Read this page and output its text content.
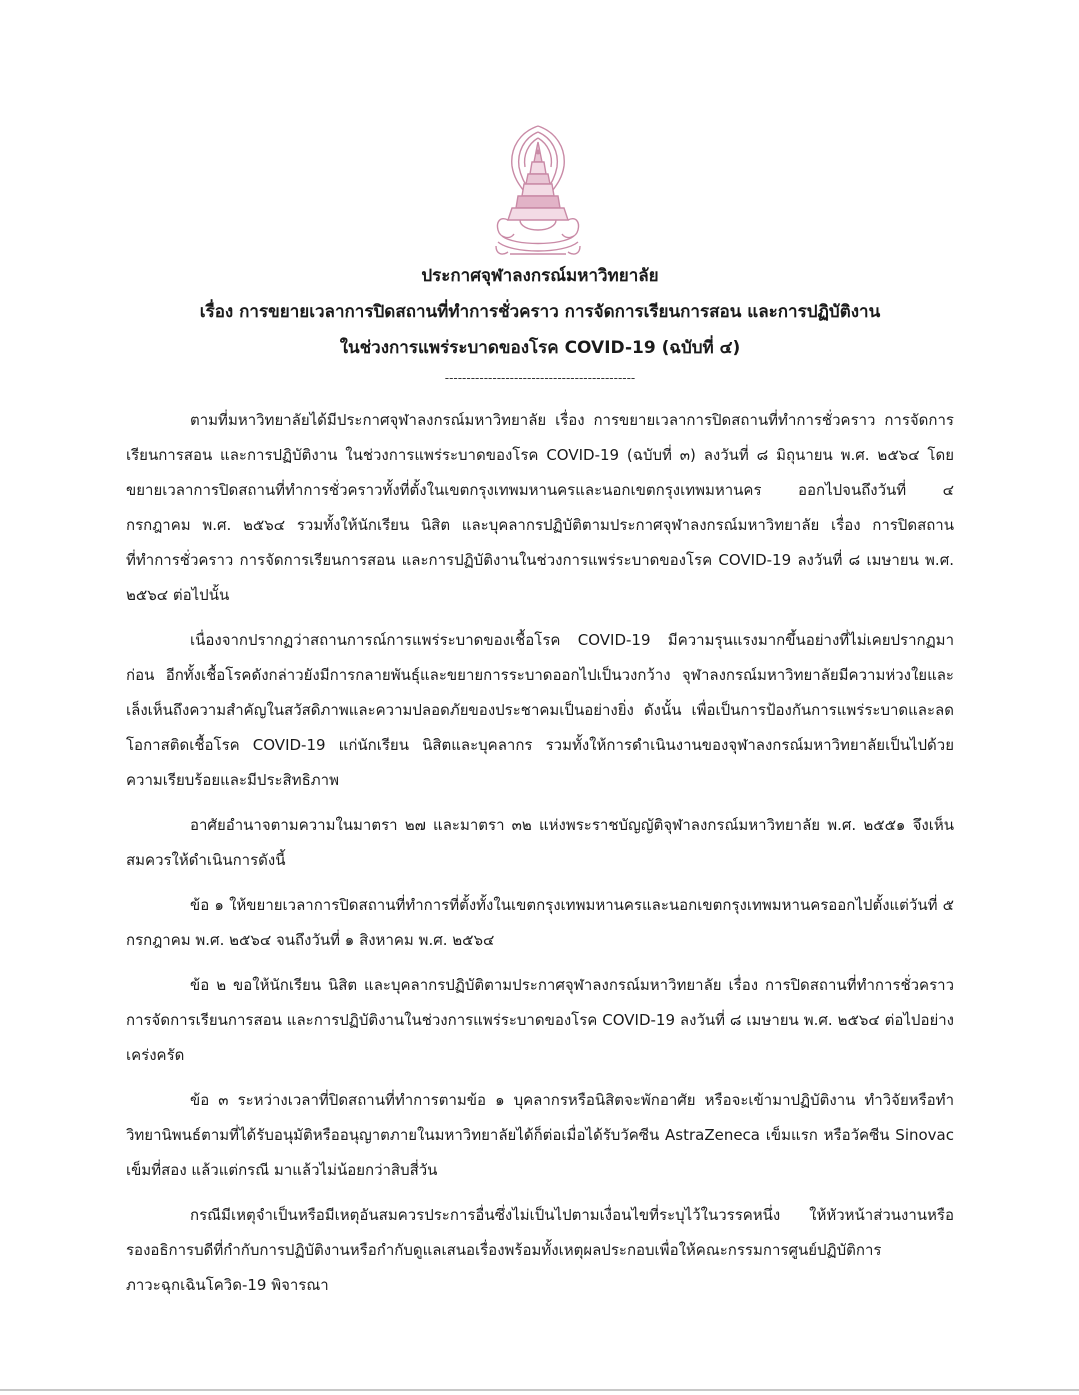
ประกาศจุฬาลงกรณ์มหาวิทยาลัย
เรื่อง การขยายเวลาการปิดสถานที่ทำการชั่วคราว การจัดการเรียนการสอน และการปฏิบัติงาน
ในช่วงการแพร่ระบาดของโรค COVID-19 (ฉบับที่ ๔)
--------------------------------------------

ตามที่มหาวิทยาลัยได้มีประกาศจุฬาลงกรณ์มหาวิทยาลัย เรื่อง การขยายเวลาการปิดสถานที่ทำการชั่วคราว การจัดการเรียนการสอน และการปฏิบัติงาน ในช่วงการแพร่ระบาดของโรค COVID-19 (ฉบับที่ ๓) ลงวันที่ ๘ มิถุนายน พ.ศ. ๒๕๖๔ โดยขยายเวลาการปิดสถานที่ทำการชั่วคราวทั้งที่ตั้งในเขตกรุงเทพมหานครและนอกเขตกรุงเทพมหานคร ออกไปจนถึงวันที่ ๔ กรกฎาคม พ.ศ. ๒๕๖๔ รวมทั้งให้นักเรียน นิสิต และบุคลากรปฏิบัติตามประกาศจุฬาลงกรณ์มหาวิทยาลัย เรื่อง การปิดสถานที่ทำการชั่วคราว การจัดการเรียนการสอน และการปฏิบัติงานในช่วงการแพร่ระบาดของโรค COVID-19 ลงวันที่ ๘ เมษายน พ.ศ. ๒๕๖๔ ต่อไปนั้น

เนื่องจากปรากฏว่าสถานการณ์การแพร่ระบาดของเชื้อโรค COVID-19 มีความรุนแรงมากขึ้นอย่างที่ไม่เคยปรากฏมาก่อน อีกทั้งเชื้อโรคดังกล่าวยังมีการกลายพันธุ์และขยายการระบาดออกไปเป็นวงกว้าง จุฬาลงกรณ์มหาวิทยาลัยมีความห่วงใยและเล็งเห็นถึงความสำคัญในสวัสดิภาพและความปลอดภัยของประชาคมเป็นอย่างยิ่ง ดังนั้น เพื่อเป็นการป้องกันการแพร่ระบาดและลดโอกาสติดเชื้อโรค COVID-19 แก่นักเรียน นิสิตและบุคลากร รวมทั้งให้การดำเนินงานของจุฬาลงกรณ์มหาวิทยาลัยเป็นไปด้วยความเรียบร้อยและมีประสิทธิภาพ

อาศัยอำนาจตามความในมาตรา ๒๗ และมาตรา ๓๒ แห่งพระราชบัญญัติจุฬาลงกรณ์มหาวิทยาลัย พ.ศ. ๒๕๕๑ จึงเห็นสมควรให้ดำเนินการดังนี้

ข้อ ๑ ให้ขยายเวลาการปิดสถานที่ทำการที่ตั้งทั้งในเขตกรุงเทพมหานครและนอกเขตกรุงเทพมหานครออกไปตั้งแต่วันที่ ๕ กรกฎาคม พ.ศ. ๒๕๖๔ จนถึงวันที่ ๑ สิงหาคม พ.ศ. ๒๕๖๔

ข้อ ๒ ขอให้นักเรียน นิสิต และบุคลากรปฏิบัติตามประกาศจุฬาลงกรณ์มหาวิทยาลัย เรื่อง การปิดสถานที่ทำการชั่วคราว การจัดการเรียนการสอน และการปฏิบัติงานในช่วงการแพร่ระบาดของโรค COVID-19 ลงวันที่ ๘ เมษายน พ.ศ. ๒๕๖๔ ต่อไปอย่างเคร่งครัด

ข้อ ๓ ระหว่างเวลาที่ปิดสถานที่ทำการตามข้อ ๑ บุคลากรหรือนิสิตจะพักอาศัย หรือจะเข้ามาปฏิบัติงาน ทำวิจัยหรือทำวิทยานิพนธ์ตามที่ได้รับอนุมัติหรืออนุญาตภายในมหาวิทยาลัยได้ก็ต่อเมื่อได้รับวัคซีน AstraZeneca เข็มแรก หรือวัคซีน Sinovac เข็มที่สอง แล้วแต่กรณี มาแล้วไม่น้อยกว่าสิบสี่วัน

กรณีมีเหตุจำเป็นหรือมีเหตุอันสมควรประการอื่นซึ่งไม่เป็นไปตามเงื่อนไขที่ระบุไว้ในวรรคหนึ่ง ให้หัวหน้าส่วนงานหรือรองอธิการบดีที่กำกับการปฏิบัติงานหรือกำกับดูแลเสนอเรื่องพร้อมทั้งเหตุผลประกอบเพื่อให้คณะกรรมการศูนย์ปฏิบัติการภาวะฉุกเฉินโควิด-19 พิจารณา
